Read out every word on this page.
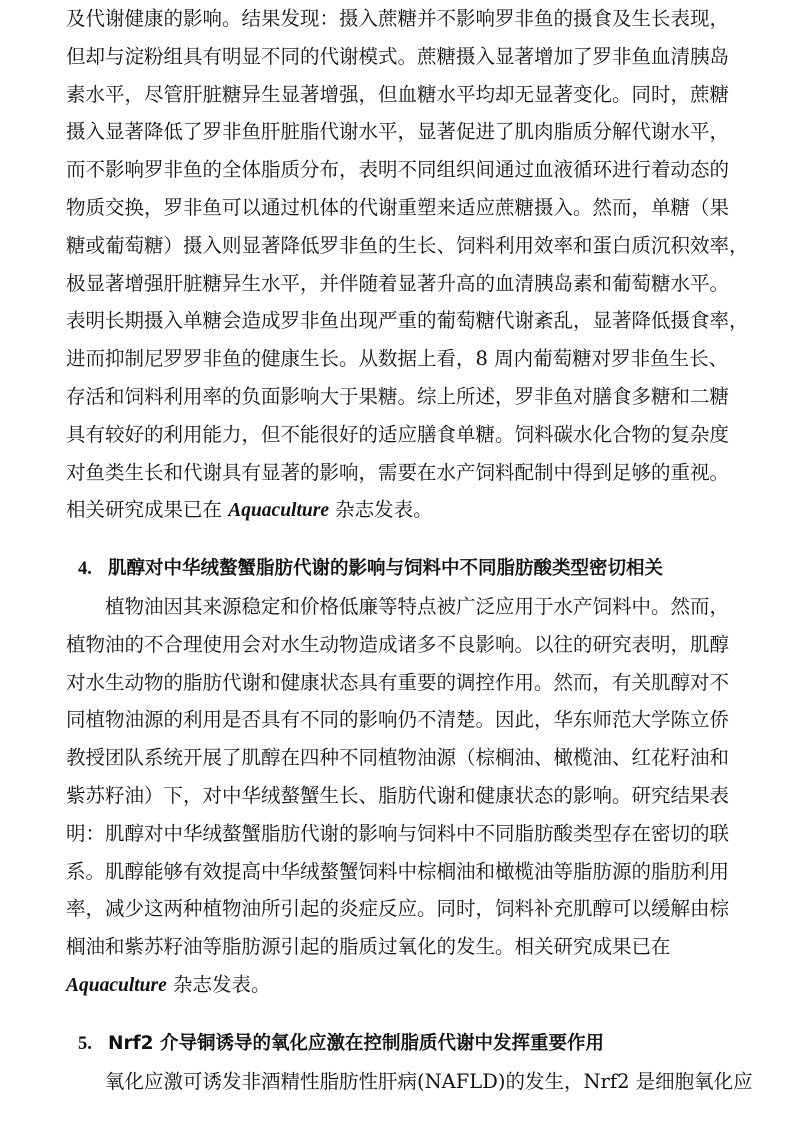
及代谢健康的影响。结果发现：摄入蔗糖并不影响罗非鱼的摄食及生长表现，
但却与淀粉组具有明显不同的代谢模式。蔗糖摄入显著增加了罗非鱼血清胰岛
素水平，尽管肝脏糖异生显著增强，但血糖水平均却无显著变化。同时，蔗糖
摄入显著降低了罗非鱼肝脏脂代谢水平，显著促进了肌肉脂质分解代谢水平，
而不影响罗非鱼的全体脂质分布，表明不同组织间通过血液循环进行着动态的
物质交换，罗非鱼可以通过机体的代谢重塑来适应蔗糖摄入。然而，单糖（果
糖或葡萄糖）摄入则显著降低罗非鱼的生长、饲料利用效率和蛋白质沉积效率，
极显著增强肝脏糖异生水平，并伴随着显著升高的血清胰岛素和葡萄糖水平。
表明长期摄入单糖会造成罗非鱼出现严重的葡萄糖代谢紊乱，显著降低摄食率，
进而抑制尼罗罗非鱼的健康生长。从数据上看，8 周内葡萄糖对罗非鱼生长、
存活和饲料利用率的负面影响大于果糖。综上所述，罗非鱼对膳食多糖和二糖
具有较好的利用能力，但不能很好的适应膳食单糖。饲料碳水化合物的复杂度
对鱼类生长和代谢具有显著的影响，需要在水产饲料配制中得到足够的重视。
相关研究成果已在 Aquaculture 杂志发表。
4. 肌醇对中华绒螯蟹脂肪代谢的影响与饲料中不同脂肪酸类型密切相关
植物油因其来源稳定和价格低廉等特点被广泛应用于水产饲料中。然而，
植物油的不合理使用会对水生动物造成诸多不良影响。以往的研究表明，肌醇
对水生动物的脂肪代谢和健康状态具有重要的调控作用。然而，有关肌醇对不
同植物油源的利用是否具有不同的影响仍不清楚。因此，华东师范大学陈立侨
教授团队系统开展了肌醇在四种不同植物油源（棕榈油、橄榄油、红花籽油和
紫苏籽油）下，对中华绒螯蟹生长、脂肪代谢和健康状态的影响。研究结果表
明：肌醇对中华绒螯蟹脂肪代谢的影响与饲料中不同脂肪酸类型存在密切的联
系。肌醇能够有效提高中华绒螯蟹饲料中棕榈油和橄榄油等脂肪源的脂肪利用
率，减少这两种植物油所引起的炎症反应。同时，饲料补充肌醇可以缓解由棕
榈油和紫苏籽油等脂肪源引起的脂质过氧化的发生。相关研究成果已在
Aquaculture 杂志发表。
5. Nrf2 介导铜诱导的氧化应激在控制脂质代谢中发挥重要作用
氧化应激可诱发非酒精性脂肪性肝病(NAFLD)的发生，Nrf2 是细胞氧化应
